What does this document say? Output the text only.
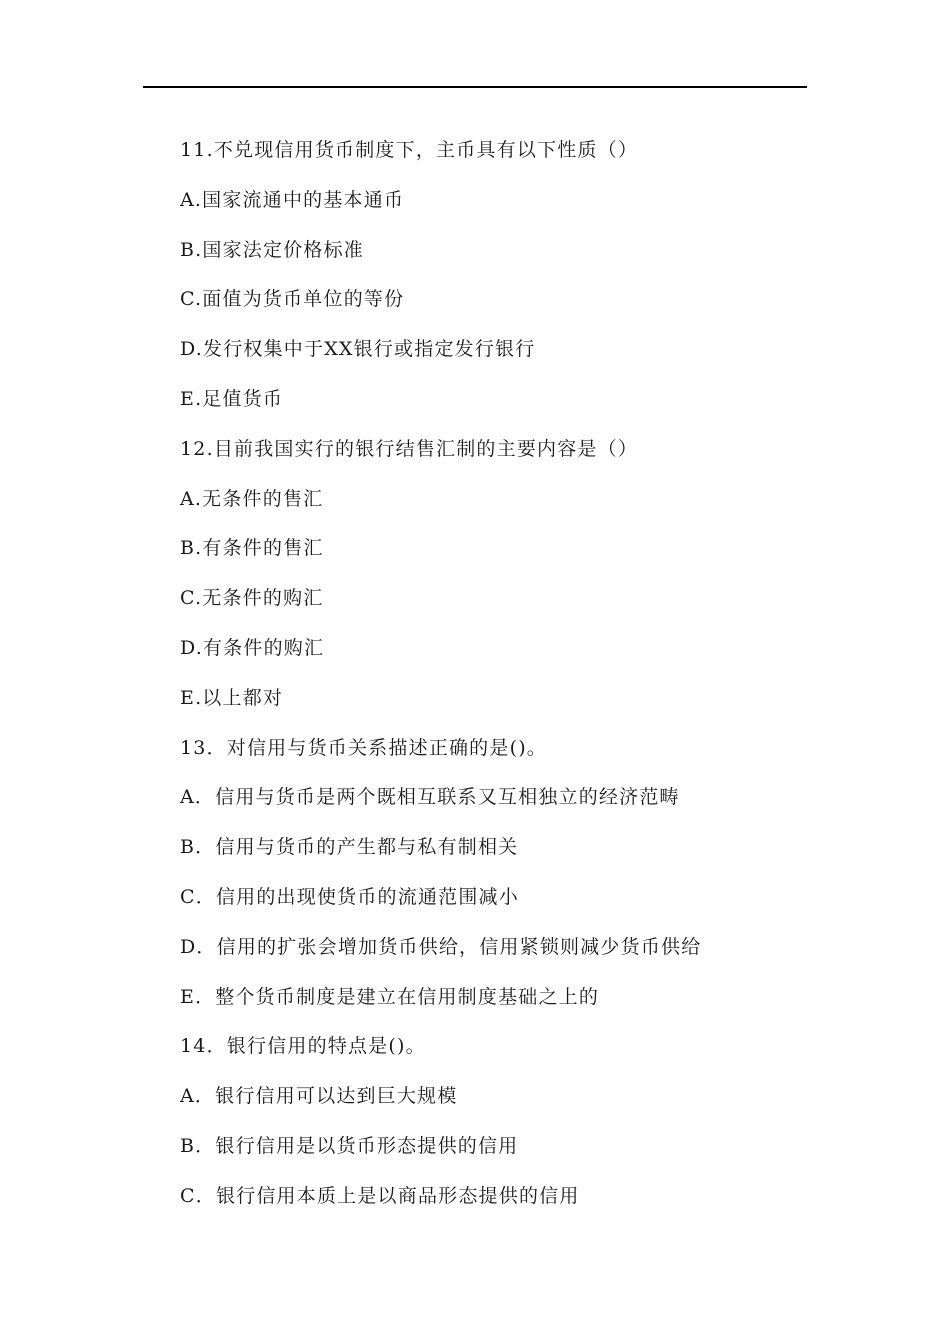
11.不兑现信用货币制度下，主币具有以下性质（）
A.国家流通中的基本通币
B.国家法定价格标准
C.面值为货币单位的等份
D.发行权集中于XX银行或指定发行银行
E.足值货币
12.目前我国实行的银行结售汇制的主要内容是（）
A.无条件的售汇
B.有条件的售汇
C.无条件的购汇
D.有条件的购汇
E.以上都对
13．对信用与货币关系描述正确的是()。
A．信用与货币是两个既相互联系又互相独立的经济范畴
B．信用与货币的产生都与私有制相关
C．信用的出现使货币的流通范围减小
D．信用的扩张会增加货币供给，信用紧锁则减少货币供给
E．整个货币制度是建立在信用制度基础之上的
14．银行信用的特点是()。
A．银行信用可以达到巨大规模
B．银行信用是以货币形态提供的信用
C．银行信用本质上是以商品形态提供的信用
